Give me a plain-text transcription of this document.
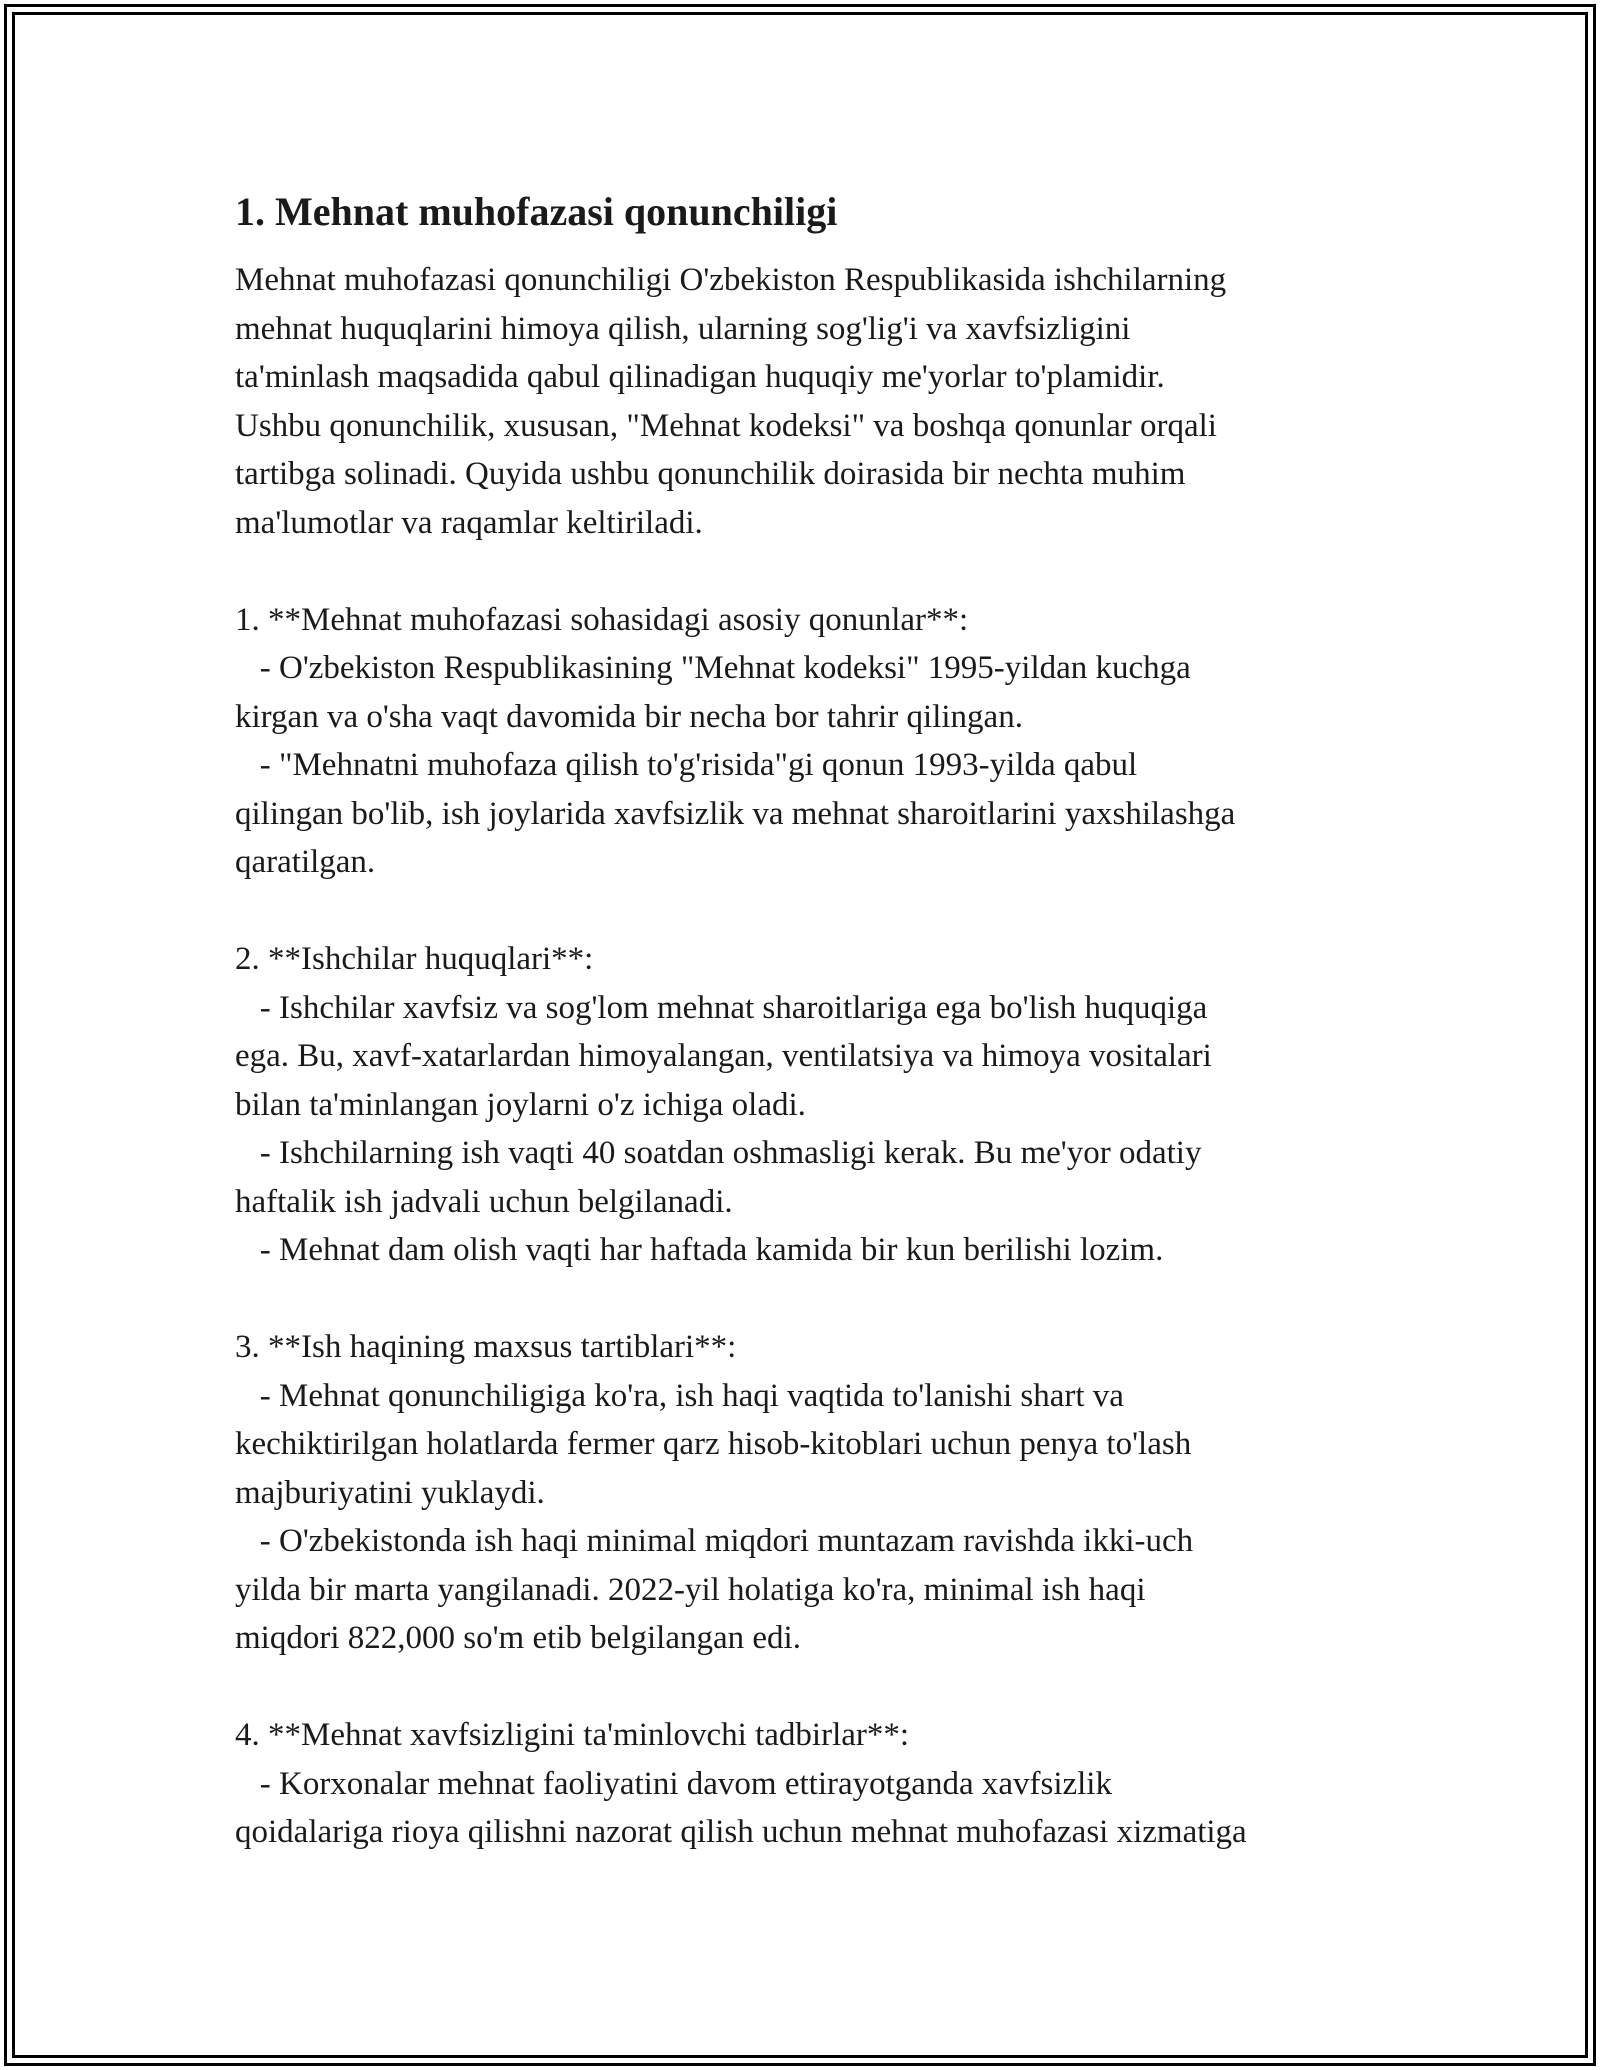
1. Mehnat muhofazasi qonunchiligi

Mehnat muhofazasi qonunchiligi O'zbekiston Respublikasida ishchilarning
mehnat huquqlarini himoya qilish, ularning sog'lig'i va xavfsizligini
ta'minlash maqsadida qabul qilinadigan huquqiy me'yorlar to'plamidir.
Ushbu qonunchilik, xususan, "Mehnat kodeksi" va boshqa qonunlar orqali
tartibga solinadi. Quyida ushbu qonunchilik doirasida bir nechta muhim
ma'lumotlar va raqamlar keltiriladi.

1. **Mehnat muhofazasi sohasidagi asosiy qonunlar**:

- O'zbekiston Respublikasining "Mehnat kodeksi" 1995-yildan kuchga
kirgan va o'sha vaqt davomida bir necha bor tahrir qilingan.

- "Mehnatni muhofaza qilish to'g'risida"gi qonun 1993-yilda qabul
qilingan bo'lib, ish joylarida xavfsizlik va mehnat sharoitlarini yaxshilashga
qaratilgan.

2. **Ishchilar huquqlari**:

- Ishchilar xavfsiz va sog'lom mehnat sharoitlariga ega bo'lish huquqiga
ega. Bu, xavf-xatarlardan himoyalangan, ventilatsiya va himoya vositalari
bilan ta'minlangan joylarni o'z ichiga oladi.

- Ishchilarning ish vaqti 40 soatdan oshmasligi kerak. Bu me'yor odatiy
haftalik ish jadvali uchun belgilanadi.

- Mehnat dam olish vaqti har haftada kamida bir kun berilishi lozim.

3. **Ish haqining maxsus tartiblari**:

- Mehnat qonunchiligiga ko'ra, ish haqi vaqtida to'lanishi shart va
kechiktirilgan holatlarda fermer qarz hisob-kitoblari uchun penya to'lash
majburiyatini yuklaydi.

- O'zbekistonda ish haqi minimal miqdori muntazam ravishda ikki-uch
yilda bir marta yangilanadi. 2022-yil holatiga ko'ra, minimal ish haqi
miqdori 822,000 so'm etib belgilangan edi.

4. **Mehnat xavfsizligini ta'minlovchi tadbirlar**:

- Korxonalar mehnat faoliyatini davom ettirayotganda xavfsizlik
qoidalariga rioya qilishni nazorat qilish uchun mehnat muhofazasi xizmatiga
